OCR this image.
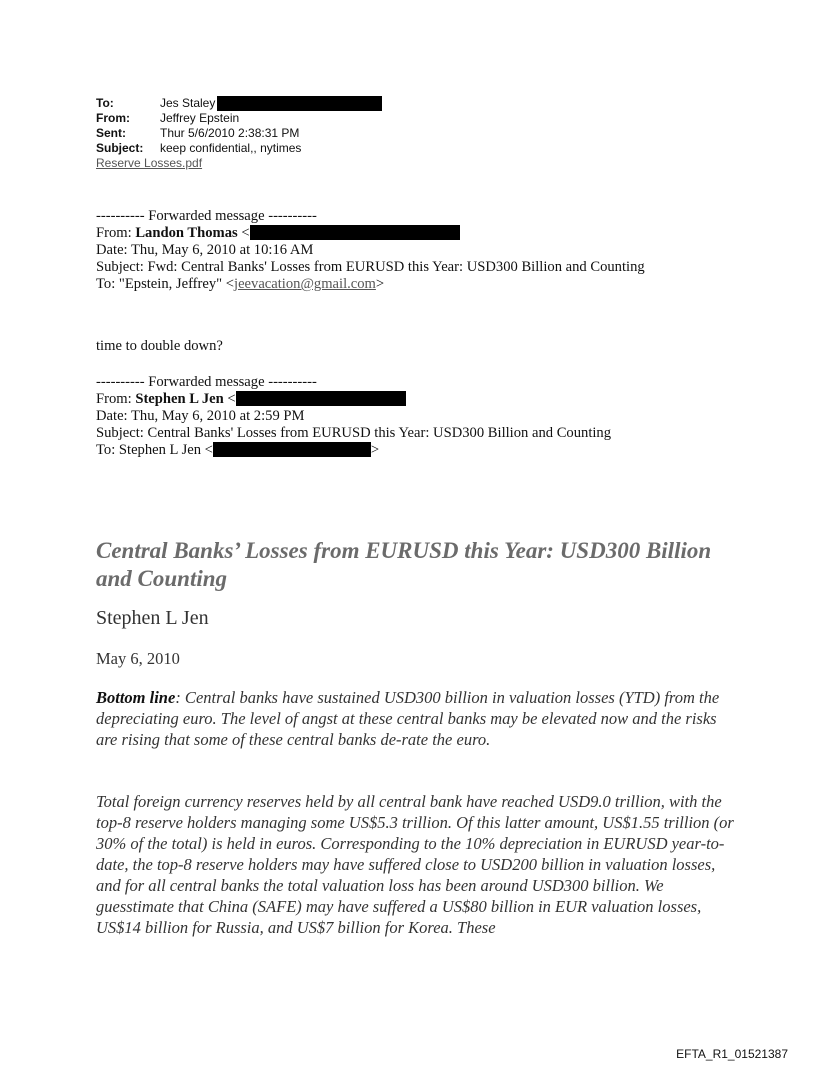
To:	Jes Staley
From:	Jeffrey Epstein
Sent:	Thur 5/6/2010 2:38:31 PM
Subject:	keep confidential,, nytimes
Reserve Losses.pdf
---------- Forwarded message ----------
From: Landon Thomas <
Date: Thu, May 6, 2010 at 10:16 AM
Subject: Fwd: Central Banks' Losses from EURUSD this Year: USD300 Billion and Counting
To: "Epstein, Jeffrey" <jeevacation@gmail.com>
time to double down?
---------- Forwarded message ----------
From: Stephen L Jen <
Date: Thu, May 6, 2010 at 2:59 PM
Subject: Central Banks' Losses from EURUSD this Year: USD300 Billion and Counting
To: Stephen L Jen <	>
Central Banks’ Losses from EURUSD this Year: USD300 Billion and Counting
Stephen L Jen
May 6, 2010

Bottom line: Central banks have sustained USD300 billion in valuation losses (YTD) from the depreciating euro. The level of angst at these central banks may be elevated now and the risks are rising that some of these central banks de-rate the euro.

Total foreign currency reserves held by all central bank have reached USD9.0 trillion, with the top-8 reserve holders managing some US$5.3 trillion. Of this latter amount, US$1.55 trillion (or 30% of the total) is held in euros. Corresponding to the 10% depreciation in EURUSD year-to-date, the top-8 reserve holders may have suffered close to USD200 billion in valuation losses, and for all central banks the total valuation loss has been around USD300 billion. We guesstimate that China (SAFE) may have suffered a US$80 billion in EUR valuation losses, US$14 billion for Russia, and US$7 billion for Korea. These

EFTA_R1_01521387
